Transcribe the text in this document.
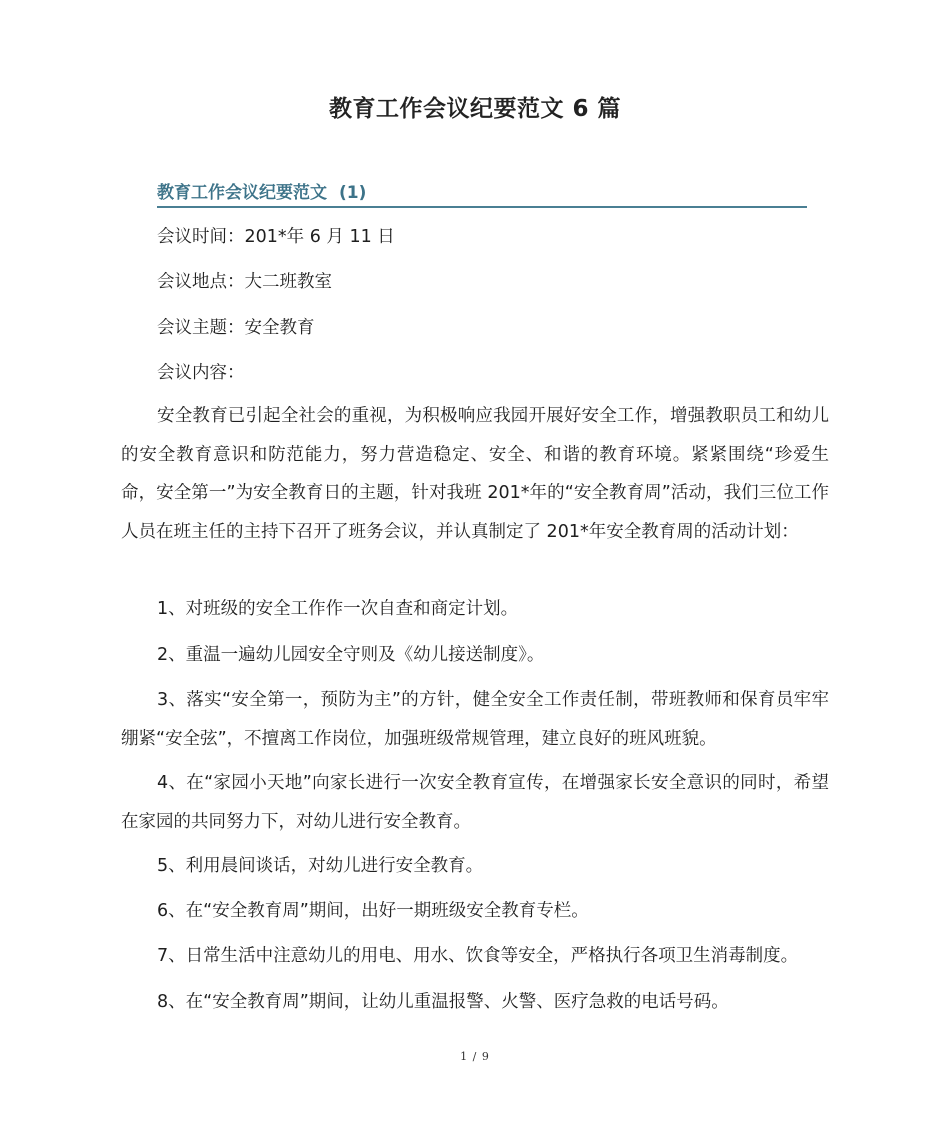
教育工作会议纪要范文 6 篇
教育工作会议纪要范文 (1)
会议时间：201*年 6 月 11 日
会议地点：大二班教室
会议主题：安全教育
会议内容：
安全教育已引起全社会的重视，为积极响应我园开展好安全工作，增强教职员工和幼儿的安全教育意识和防范能力，努力营造稳定、安全、和谐的教育环境。紧紧围绕“珍爱生命，安全第一”为安全教育日的主题，针对我班 201*年的“安全教育周”活动，我们三位工作人员在班主任的主持下召开了班务会议，并认真制定了 201*年安全教育周的活动计划：
1、对班级的安全工作作一次自查和商定计划。
2、重温一遍幼儿园安全守则及《幼儿接送制度》。
3、落实“安全第一，预防为主”的方针，健全安全工作责任制，带班教师和保育员牢牢绷紧“安全弦”，不擅离工作岗位，加强班级常规管理，建立良好的班风班貌。
4、在“家园小天地”向家长进行一次安全教育宣传，在增强家长安全意识的同时，希望在家园的共同努力下，对幼儿进行安全教育。
5、利用晨间谈话，对幼儿进行安全教育。
6、在“安全教育周”期间，出好一期班级安全教育专栏。
7、日常生活中注意幼儿的用电、用水、饮食等安全，严格执行各项卫生消毒制度。
8、在“安全教育周”期间，让幼儿重温报警、火警、医疗急救的电话号码。
1 / 9
